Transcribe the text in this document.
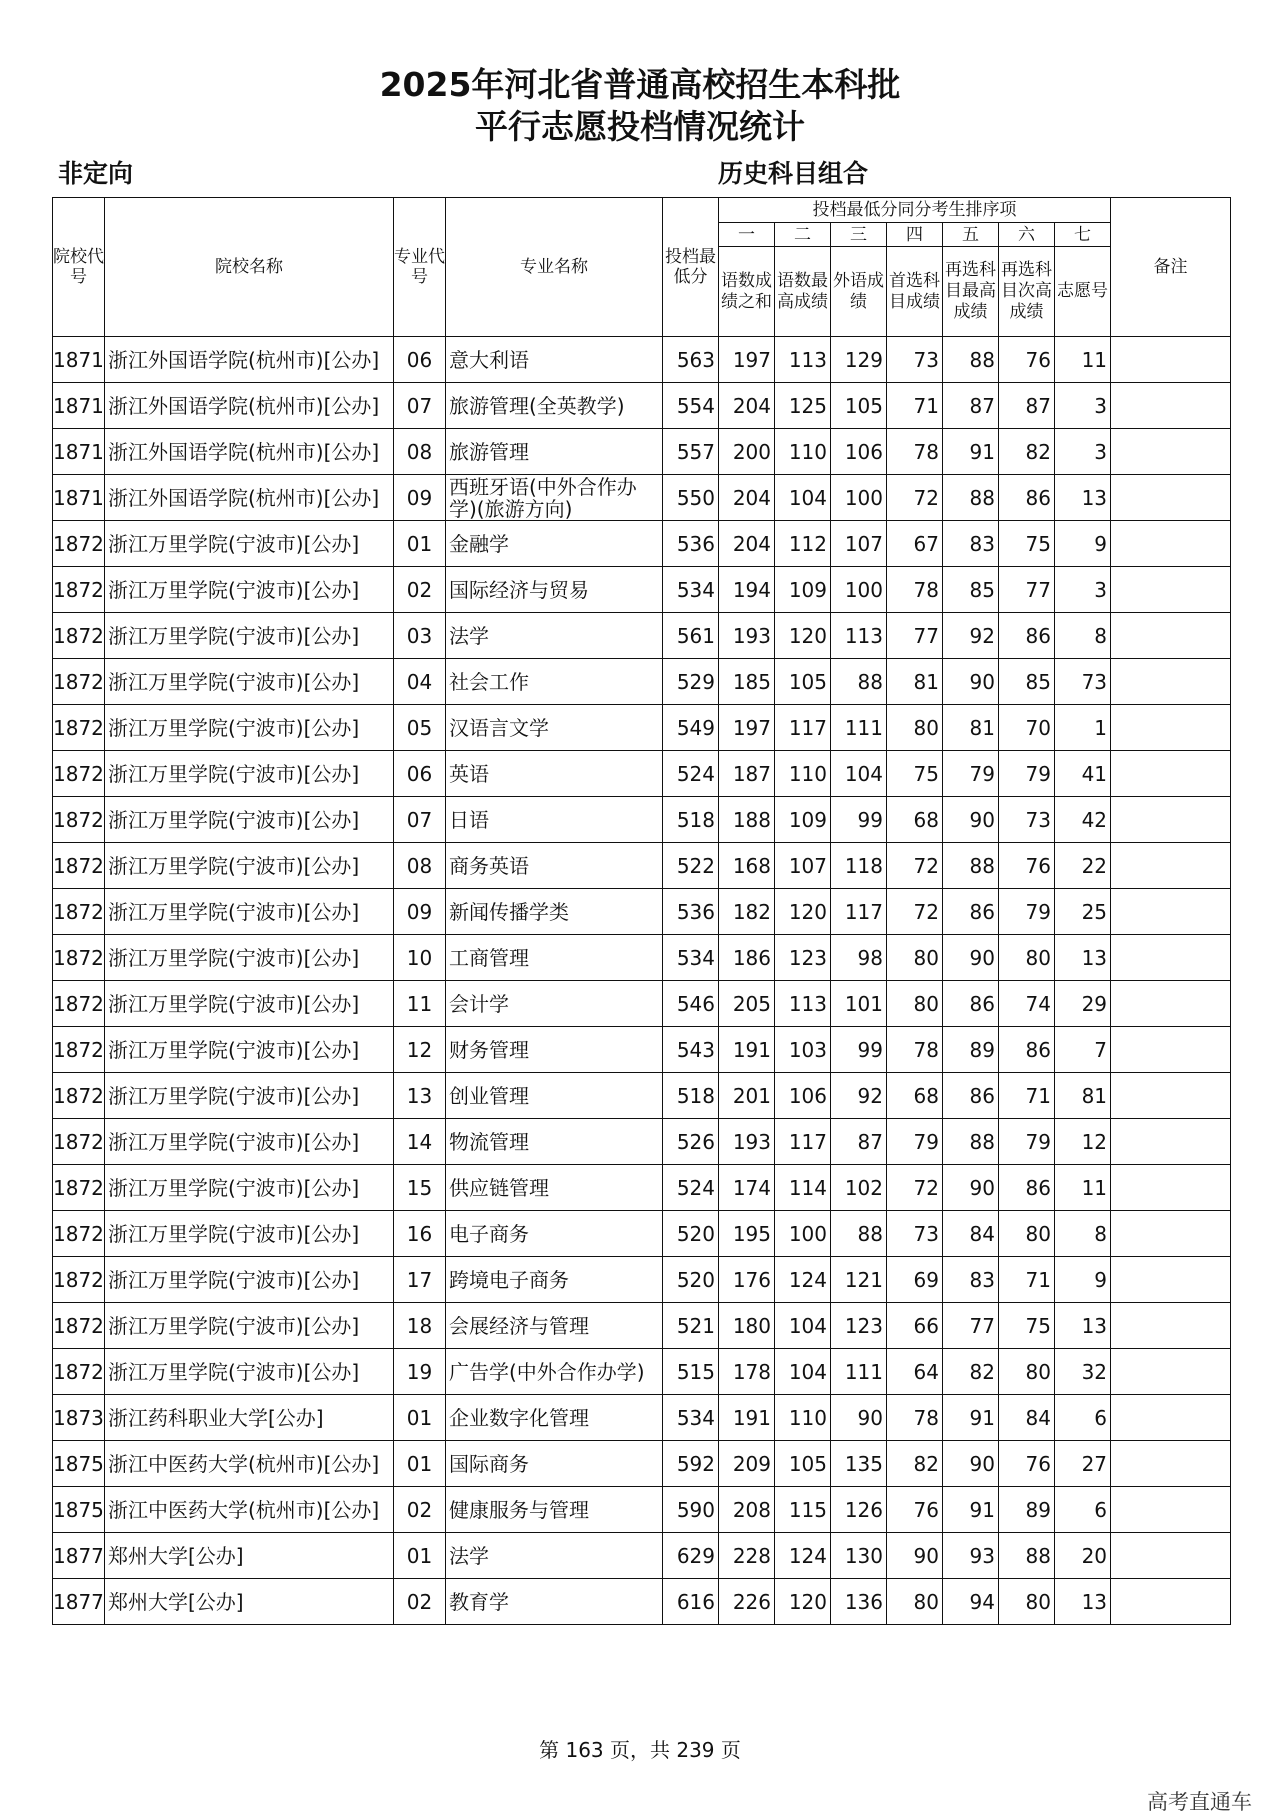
2025年河北省普通高校招生本科批
平行志愿投档情况统计
非定向	历史科目组合
院校代号	院校名称	专业代号	专业名称	投档最低分	投档最低分同分考生排序项							备注
					一	二	三	四	五	六	七	
					语数成绩之和	语数最高成绩	外语成绩	首选科目成绩	再选科目最高成绩	再选科目次高成绩	志愿号	
1871	浙江外国语学院(杭州市)[公办]	06	意大利语	563	197	113	129	73	88	76	11	
1871	浙江外国语学院(杭州市)[公办]	07	旅游管理(全英教学)	554	204	125	105	71	87	87	3	
1871	浙江外国语学院(杭州市)[公办]	08	旅游管理	557	200	110	106	78	91	82	3	
1871	浙江外国语学院(杭州市)[公办]	09	西班牙语(中外合作办学)(旅游方向)	550	204	104	100	72	88	86	13	
1872	浙江万里学院(宁波市)[公办]	01	金融学	536	204	112	107	67	83	75	9	
1872	浙江万里学院(宁波市)[公办]	02	国际经济与贸易	534	194	109	100	78	85	77	3	
1872	浙江万里学院(宁波市)[公办]	03	法学	561	193	120	113	77	92	86	8	
1872	浙江万里学院(宁波市)[公办]	04	社会工作	529	185	105	88	81	90	85	73	
1872	浙江万里学院(宁波市)[公办]	05	汉语言文学	549	197	117	111	80	81	70	1	
1872	浙江万里学院(宁波市)[公办]	06	英语	524	187	110	104	75	79	79	41	
1872	浙江万里学院(宁波市)[公办]	07	日语	518	188	109	99	68	90	73	42	
1872	浙江万里学院(宁波市)[公办]	08	商务英语	522	168	107	118	72	88	76	22	
1872	浙江万里学院(宁波市)[公办]	09	新闻传播学类	536	182	120	117	72	86	79	25	
1872	浙江万里学院(宁波市)[公办]	10	工商管理	534	186	123	98	80	90	80	13	
1872	浙江万里学院(宁波市)[公办]	11	会计学	546	205	113	101	80	86	74	29	
1872	浙江万里学院(宁波市)[公办]	12	财务管理	543	191	103	99	78	89	86	7	
1872	浙江万里学院(宁波市)[公办]	13	创业管理	518	201	106	92	68	86	71	81	
1872	浙江万里学院(宁波市)[公办]	14	物流管理	526	193	117	87	79	88	79	12	
1872	浙江万里学院(宁波市)[公办]	15	供应链管理	524	174	114	102	72	90	86	11	
1872	浙江万里学院(宁波市)[公办]	16	电子商务	520	195	100	88	73	84	80	8	
1872	浙江万里学院(宁波市)[公办]	17	跨境电子商务	520	176	124	121	69	83	71	9	
1872	浙江万里学院(宁波市)[公办]	18	会展经济与管理	521	180	104	123	66	77	75	13	
1872	浙江万里学院(宁波市)[公办]	19	广告学(中外合作办学)	515	178	104	111	64	82	80	32	
1873	浙江药科职业大学[公办]	01	企业数字化管理	534	191	110	90	78	91	84	6	
1875	浙江中医药大学(杭州市)[公办]	01	国际商务	592	209	105	135	82	90	76	27	
1875	浙江中医药大学(杭州市)[公办]	02	健康服务与管理	590	208	115	126	76	91	89	6	
1877	郑州大学[公办]	01	法学	629	228	124	130	90	93	88	20	
1877	郑州大学[公办]	02	教育学	616	226	120	136	80	94	80	13	
第 163 页，共 239 页
高考直通车
